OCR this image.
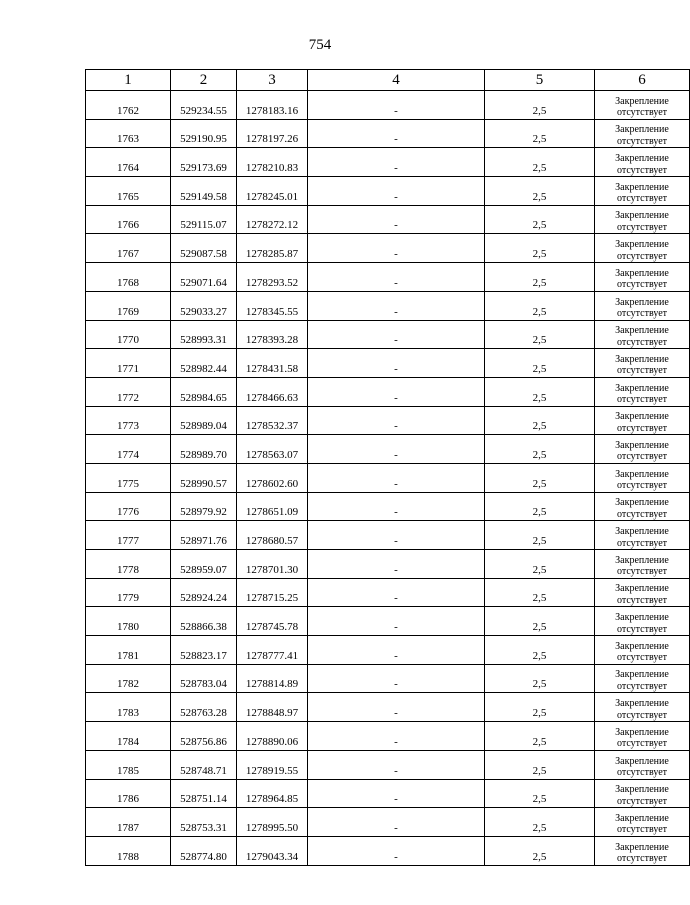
754
1	2	3	4	5	6
1762	529234.55	1278183.16	-	2,5	Закрепление
отсутствует

1763	529190.95	1278197.26	-	2,5	Закрепление
отсутствует

1764	529173.69	1278210.83	-	2,5	Закрепление
отсутствует

1765	529149.58	1278245.01	-	2,5	Закрепление
отсутствует

1766	529115.07	1278272.12	-	2,5	Закрепление
отсутствует

1767	529087.58	1278285.87	-	2,5	Закрепление
отсутствует

1768	529071.64	1278293.52	-	2,5	Закрепление
отсутствует

1769	529033.27	1278345.55	-	2,5	Закрепление
отсутствует

1770	528993.31	1278393.28	-	2,5	Закрепление
отсутствует

1771	528982.44	1278431.58	-	2,5	Закрепление
отсутствует

1772	528984.65	1278466.63	-	2,5	Закрепление
отсутствует

1773	528989.04	1278532.37	-	2,5	Закрепление
отсутствует

1774	528989.70	1278563.07	-	2,5	Закрепление
отсутствует

1775	528990.57	1278602.60	-	2,5	Закрепление
отсутствует

1776	528979.92	1278651.09	-	2,5	Закрепление
отсутствует

1777	528971.76	1278680.57	-	2,5	Закрепление
отсутствует

1778	528959.07	1278701.30	-	2,5	Закрепление
отсутствует

1779	528924.24	1278715.25	-	2,5	Закрепление
отсутствует

1780	528866.38	1278745.78	-	2,5	Закрепление
отсутствует

1781	528823.17	1278777.41	-	2,5	Закрепление
отсутствует

1782	528783.04	1278814.89	-	2,5	Закрепление
отсутствует

1783	528763.28	1278848.97	-	2,5	Закрепление
отсутствует

1784	528756.86	1278890.06	-	2,5	Закрепление
отсутствует

1785	528748.71	1278919.55	-	2,5	Закрепление
отсутствует

1786	528751.14	1278964.85	-	2,5	Закрепление
отсутствует

1787	528753.31	1278995.50	-	2,5	Закрепление
отсутствует

1788	528774.80	1279043.34	-	2,5	Закрепление
отсутствует
